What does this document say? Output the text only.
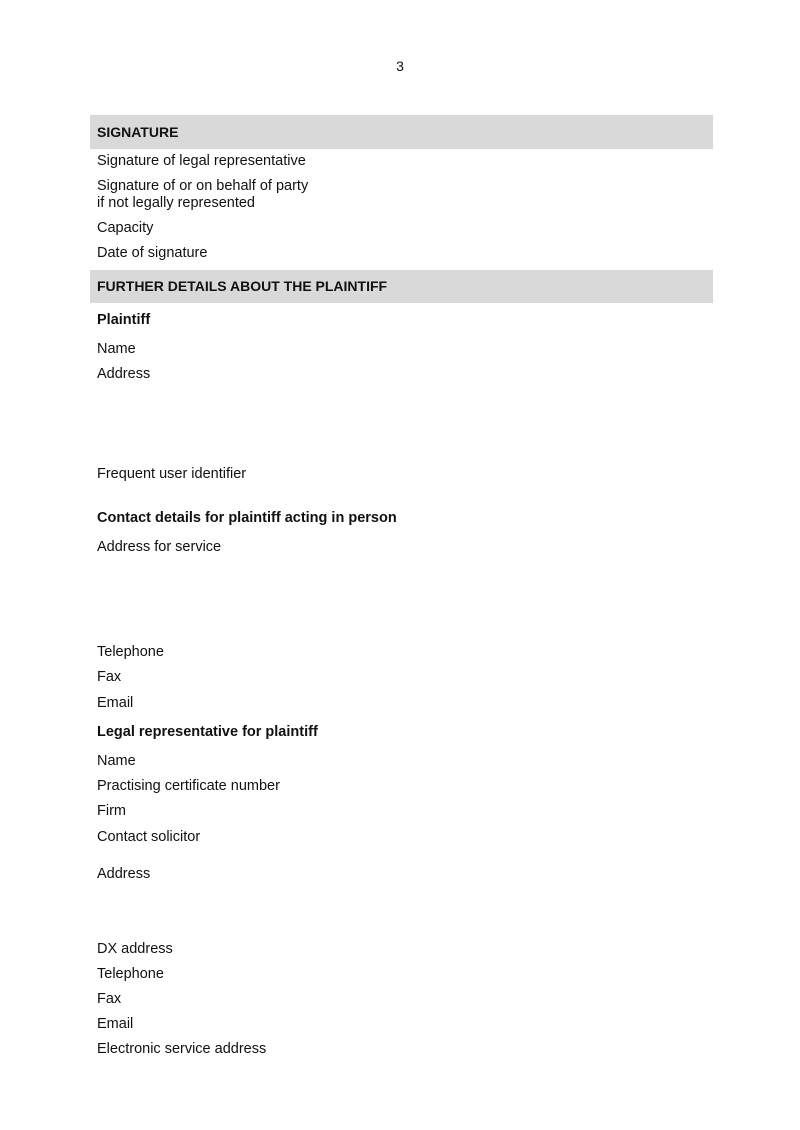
3
SIGNATURE
Signature of legal representative
Signature of or on behalf of party
if not legally represented
Capacity
Date of signature
FURTHER DETAILS ABOUT THE PLAINTIFF
Plaintiff
Name
Address
Frequent user identifier
Contact details for plaintiff acting in person
Address for service
Telephone
Fax
Email
Legal representative for plaintiff
Name
Practising certificate number
Firm
Contact solicitor
Address
DX address
Telephone
Fax
Email
Electronic service address
